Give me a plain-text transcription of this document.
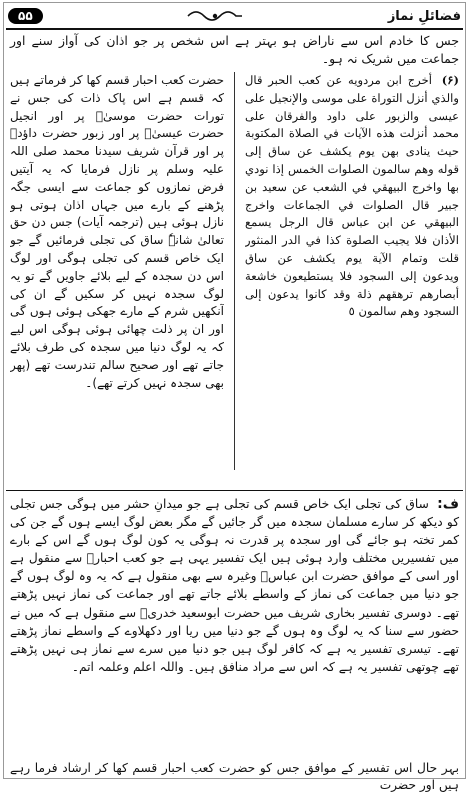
۵۵	فضائلِ نماز

جس کا خادم اس سے ناراض ہو بہتر ہے اس شخص پر جو اذان کی آواز سنے اور جماعت میں شریک نہ ہو۔

(۶) أخرج ابن مردويه عن كعب الحبر قال والذي أنزل التوراة على موسى والإنجيل على عيسى والزبور على داود والفرقان على محمد أنزلت هذه الآيات في الصلاة المكتوبة حيث ينادى بهن يوم يكشف عن ساق إلى قوله وهم سالمون الصلوات الخمس إذا نودي بها واخرج البيهقي في الشعب عن سعيد بن جبير قال الصلوات في الجماعات واخرج البيهقي عن ابن عباس قال الرجل يسمع الأذان فلا يجيب الصلوة كذا في الدر المنثور قلت وتمام الآية يوم يكشف عن ساق ويدعون إلى السجود فلا يستطيعون خاشعة أبصارهم ترهقهم ذلة وقد كانوا يدعون إلى السجود وهم سالمون ٥
حضرت کعب احبار قسم کھا کر فرماتے ہیں کہ قسم ہے اس پاک ذات کی جس نے تورات حضرت موسیٰؑ پر اور انجیل حضرت عیسیٰؑ پر اور زبور حضرت داؤدؑ پر اور قرآن شریف سیدنا محمد صلی اللہ علیہ وسلم پر نازل فرمایا کہ یہ آیتیں فرض نمازوں کو جماعت سے ایسی جگہ پڑھنے کے بارے میں جہاں اذان ہوتی ہو نازل ہوئی ہیں (ترجمہ آیات) جس دن حق تعالیٰ شانہٗ ساق کی تجلی فرمائیں گے جو ایک خاص قسم کی تجلی ہوگی اور لوگ اس دن سجدہ کے لیے بلائے جاویں گے تو یہ لوگ سجدہ نہیں کر سکیں گے ان کی آنکھیں شرم کے مارے جھکی ہوئی ہوں گی اور ان پر ذلت چھائی ہوئی ہوگی اس لیے کہ یہ لوگ دنیا میں سجدہ کی طرف بلائے جاتے تھے اور صحیح سالم تندرست تھے (پھر بھی سجدہ نہیں کرتے تھے)۔

ف: ساق کی تجلی ایک خاص قسم کی تجلی ہے جو میدانِ حشر میں ہوگی جس تجلی کو دیکھ کر سارے مسلمان سجدہ میں گر جائیں گے مگر بعض لوگ ایسے ہوں گے جن کی کمر تختہ ہو جائے گی اور سجدہ پر قدرت نہ ہوگی یہ کون لوگ ہوں گے اس کے بارے میں تفسیریں مختلف وارد ہوئی ہیں ایک تفسیر یہی ہے جو کعب احبارؓ سے منقول ہے اور اسی کے موافق حضرت ابن عباسؓ وغیرہ سے بھی منقول ہے کہ یہ وہ لوگ ہوں گے جو دنیا میں جماعت کی نماز کے واسطے بلائے جاتے تھے اور جماعت کی نماز نہیں پڑھتے تھے۔ دوسری تفسیر بخاری شریف میں حضرت ابوسعید خدریؓ سے منقول ہے کہ میں نے حضور سے سنا کہ یہ لوگ وہ ہوں گے جو دنیا میں ریا اور دکھلاوے کے واسطے نماز پڑھتے تھے۔ تیسری تفسیر یہ ہے کہ کافر لوگ ہیں جو دنیا میں سرے سے نماز ہی نہیں پڑھتے تھے چوتھی تفسیر یہ ہے کہ اس سے مراد منافق ہیں۔ واللہ اعلم وعلمہ اتم۔

بہر حال اس تفسیر کے موافق جس کو حضرت کعب احبار قسم کھا کر ارشاد فرما رہے ہیں اور حضرت
